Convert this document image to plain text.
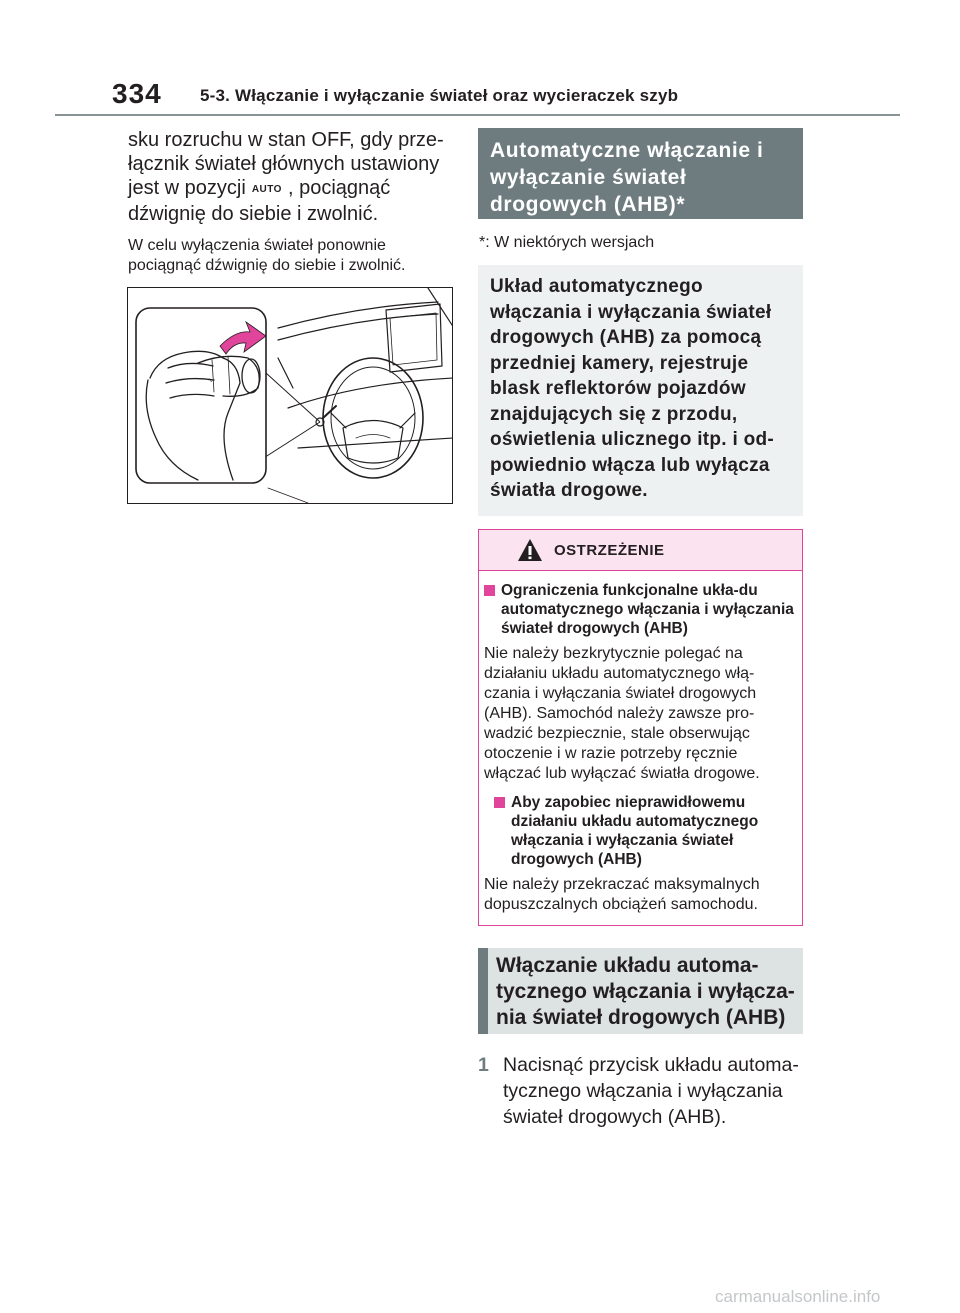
334 5-3. Włączanie i wyłączanie świateł oraz wycieraczek szyb

sku rozruchu w stan OFF, gdy prze-łącznik świateł głównych ustawiony jest w pozycji AUTO , pociągnąć dźwignię do siebie i zwolnić.

W celu wyłączenia świateł ponownie pociągnąć dźwignię do siebie i zwolnić.

∿
Automatyczne włączanie i wyłączanie świateł drogowych (AHB)*
*: W niektórych wersjach
Układ automatycznego włączania i wyłączania świateł drogowych (AHB) za pomocą przedniej kamery, rejestruje blask reflektorów pojazdów znajdujących się z przodu, oświetlenia ulicznego itp. i od-powiednio włącza lub wyłącza światła drogowe.
OSTRZEŻENIE
Ograniczenia funkcjonalne ukła-du automatycznego włączania i wyłączania świateł drogowych (AHB)

Nie należy bezkrytycznie polegać na działaniu układu automatycznego włą-czania i wyłączania świateł drogowych (AHB). Samochód należy zawsze pro-wadzić bezpiecznie, stale obserwując otoczenie i w razie potrzeby ręcznie włączać lub wyłączać światła drogowe.

Aby zapobiec nieprawidłowemu działaniu układu automatycznego włączania i wyłączania świateł drogowych (AHB)

Nie należy przekraczać maksymalnych dopuszczalnych obciążeń samochodu.

Włączanie układu automa-tycznego włączania i wyłącza-nia świateł drogowych (AHB)
1 Nacisnąć przycisk układu automa-tycznego włączania i wyłączania świateł drogowych (AHB).
carmanualsonline.info
